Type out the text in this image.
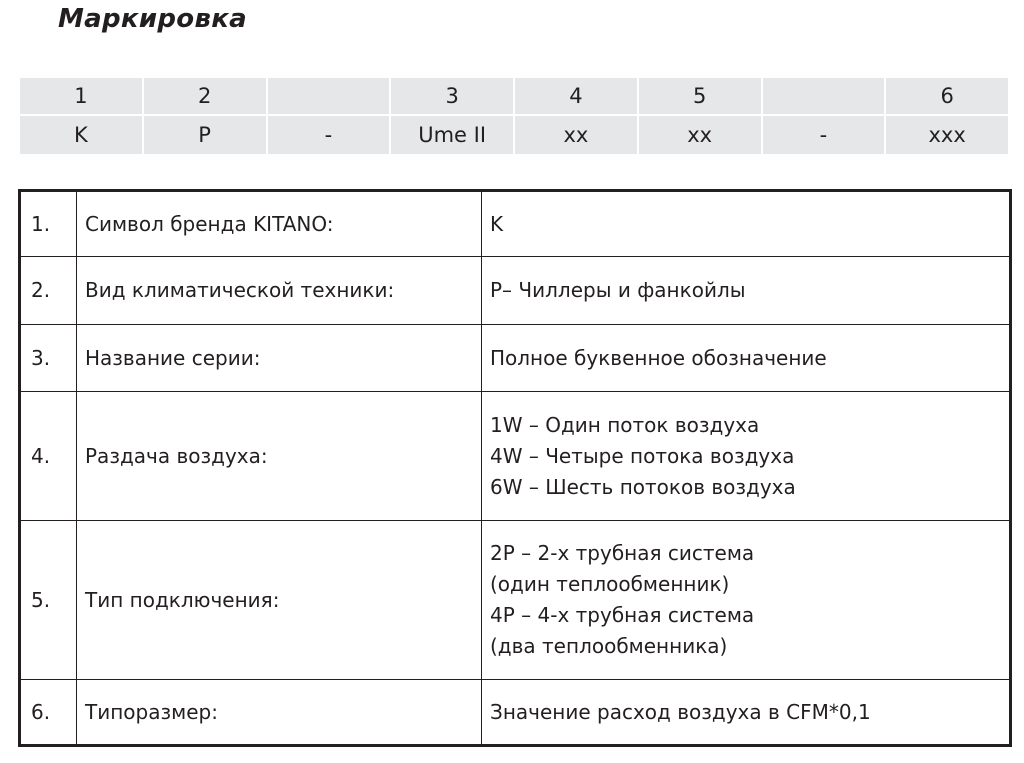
Маркировка
1	2		3	4	5		6
K	P	-	Ume II	xx	xx	-	xxx
1.	Символ бренда KITANO:	K

2.	Вид климатической техники:	P– Чиллеры и фанкойлы

3.	Название серии:	Полное буквенное обозначение

4.	Раздача воздуха:	1W – Один поток воздуха
4W – Четыре потока воздуха
6W – Шесть потоков воздуха

5.	Тип подключения:	2P – 2-х трубная система
(один теплообменник)
4P – 4-х трубная система
(два теплообменника)

6.	Типоразмер:	Значение расход воздуха в CFM*0,1
